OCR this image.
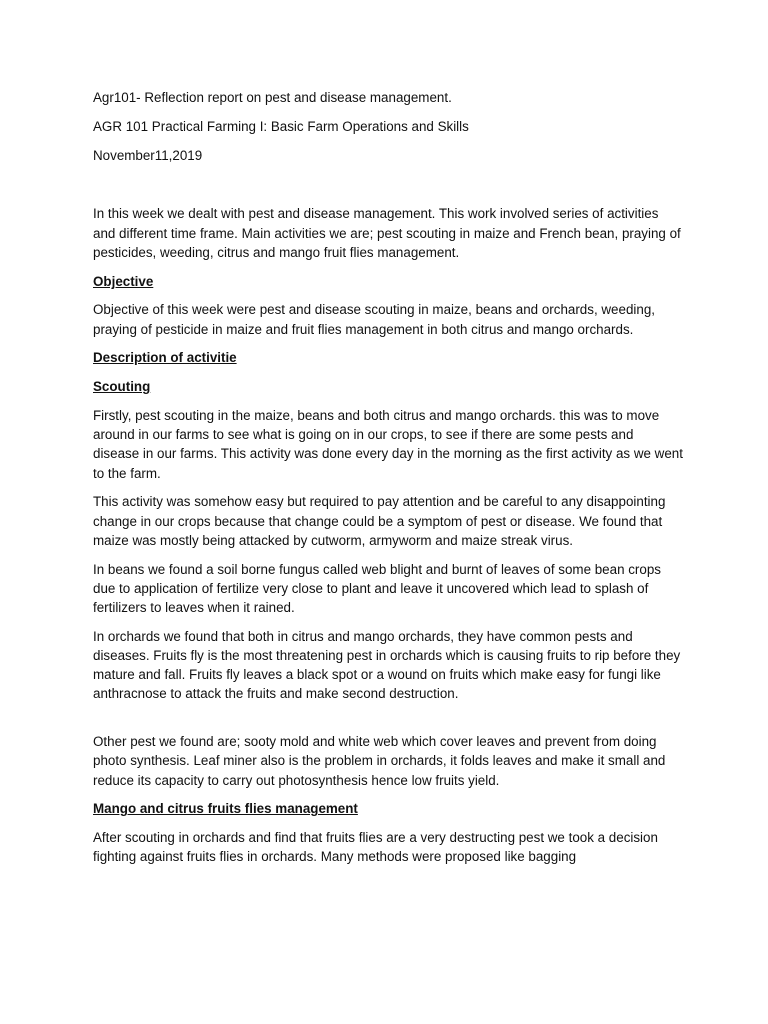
Agr101- Reflection report on pest and disease management.

AGR 101 Practical Farming I: Basic Farm Operations and Skills

November11,2019

In this week we dealt with pest and disease management. This work involved series of activities and different time frame. Main activities we are; pest scouting in maize and French bean, praying of pesticides, weeding, citrus and mango fruit flies management.

Objective

Objective of this week were pest and disease scouting in maize, beans and orchards, weeding, praying of pesticide in maize and fruit flies management in both citrus and mango orchards.

Description of activitie

Scouting

Firstly, pest scouting in the maize, beans and both citrus and mango orchards. this was to move around in our farms to see what is going on in our crops, to see if there are some pests and disease in our farms. This activity was done every day in the morning as the first activity as we went to the farm.

This activity was somehow easy but required to pay attention and be careful to any disappointing change in our crops because that change could be a symptom of pest or disease. We found that maize was mostly being attacked by cutworm, armyworm and maize streak virus.

In beans we found a soil borne fungus called web blight and burnt of leaves of some bean crops due to application of fertilize very close to plant and leave it uncovered which lead to splash of fertilizers to leaves when it rained.

In orchards we found that both in citrus and mango orchards, they have common pests and diseases. Fruits fly is the most threatening pest in orchards which is causing fruits to rip before they mature and fall. Fruits fly leaves a black spot or a wound on fruits which make easy for fungi like anthracnose to attack the fruits and make second destruction.

Other pest we found are; sooty mold and white web which cover leaves and prevent from doing photo synthesis. Leaf miner also is the problem in orchards, it folds leaves and make it small and reduce its capacity to carry out photosynthesis hence low fruits yield.

Mango and citrus fruits flies management

After scouting in orchards and find that fruits flies are a very destructing pest we took a decision fighting against fruits flies in orchards. Many methods were proposed like bagging
